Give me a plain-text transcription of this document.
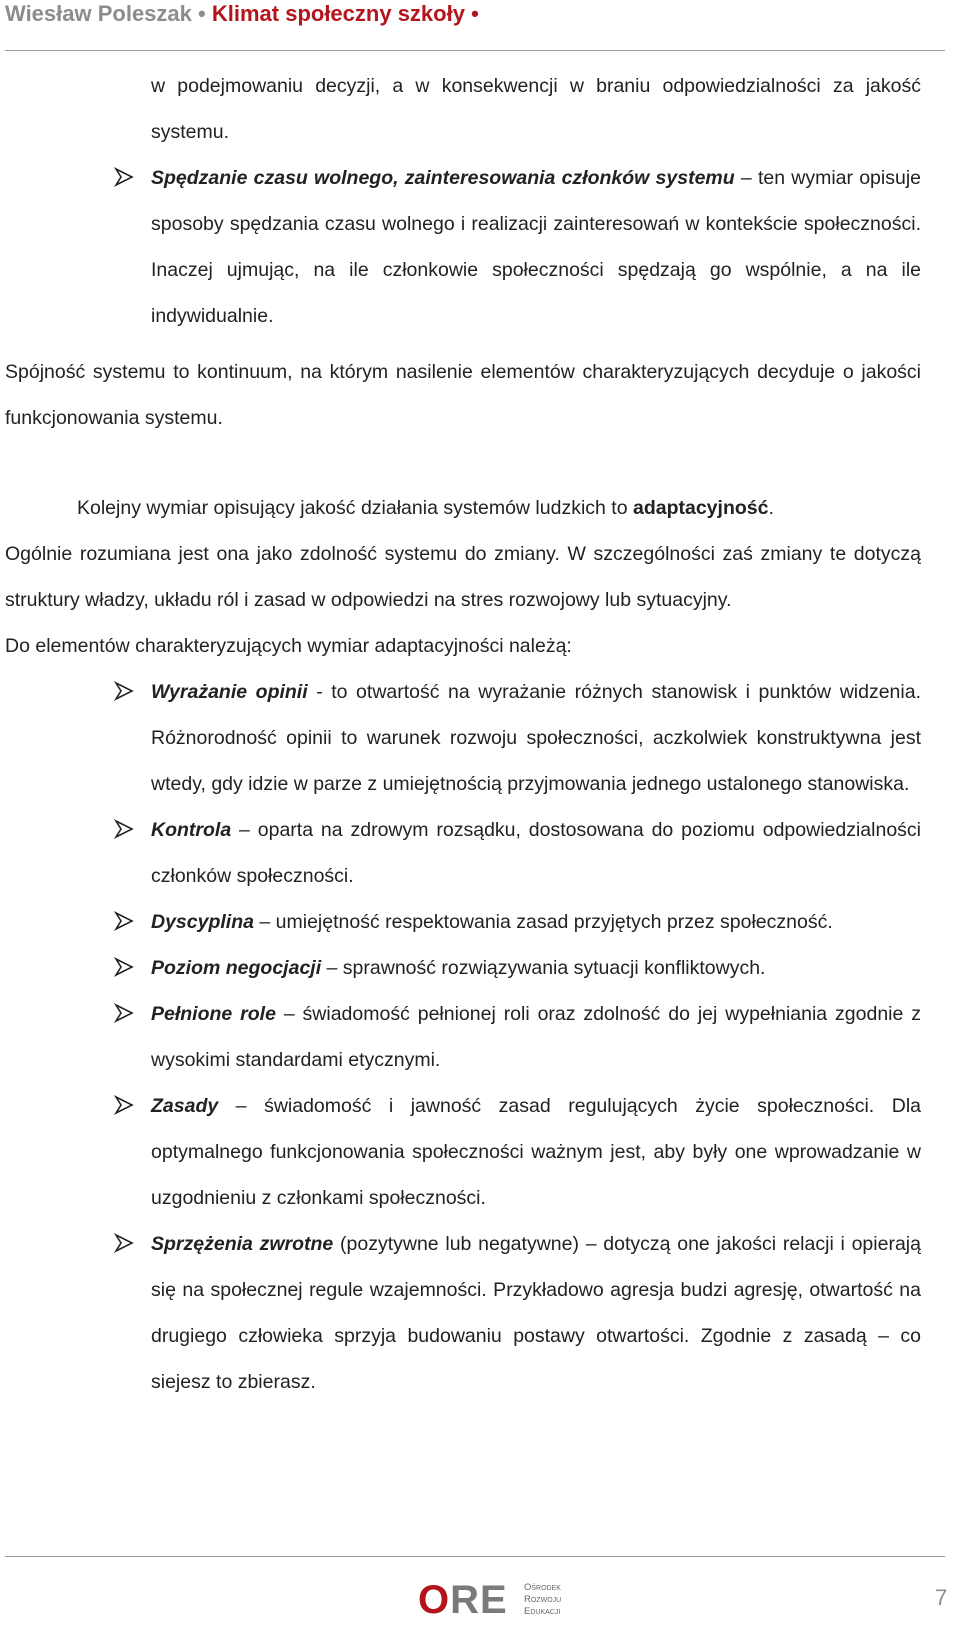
Wiesław Poleszak • Klimat społeczny szkoły •
w podejmowaniu decyzji, a w konsekwencji w braniu odpowiedzialności za jakość systemu.
Spędzanie czasu wolnego, zainteresowania członków systemu – ten wymiar opisuje sposoby spędzania czasu wolnego i realizacji zainteresowań w kontekście społeczności. Inaczej ujmując, na ile członkowie społeczności spędzają go wspólnie, a na ile indywidualnie.

Spójność systemu to kontinuum, na którym nasilenie elementów charakteryzujących decyduje o jakości funkcjonowania systemu.

Kolejny wymiar opisujący jakość działania systemów ludzkich to adaptacyjność.

Ogólnie rozumiana jest ona jako zdolność systemu do zmiany. W szczególności zaś zmiany te dotyczą struktury władzy, układu ról i zasad w odpowiedzi na stres rozwojowy lub sytuacyjny.

Do elementów charakteryzujących wymiar adaptacyjności należą:

Wyrażanie opinii - to otwartość na wyrażanie różnych stanowisk i punktów widzenia. Różnorodność opinii to warunek rozwoju społeczności, aczkolwiek konstruktywna jest wtedy, gdy idzie w parze z umiejętnością przyjmowania jednego ustalonego stanowiska.
Kontrola – oparta na zdrowym rozsądku, dostosowana do poziomu odpowiedzialności członków społeczności.
Dyscyplina – umiejętność respektowania zasad przyjętych przez społeczność.
Poziom negocjacji – sprawność rozwiązywania sytuacji konfliktowych.
Pełnione role – świadomość pełnionej roli oraz zdolność do jej wypełniania zgodnie z wysokimi standardami etycznymi.
Zasady – świadomość i jawność zasad regulujących życie społeczności. Dla optymalnego funkcjonowania społeczności ważnym jest, aby były one wprowadzanie w uzgodnieniu z członkami społeczności.
Sprzężenia zwrotne (pozytywne lub negatywne) – dotyczą one jakości relacji i opierają się na społecznej regule wzajemności. Przykładowo agresja budzi agresję, otwartość na drugiego człowieka sprzyja budowaniu postawy otwartości. Zgodnie z zasadą – co siejesz to zbierasz.
ORE Ośrodek
Rozwoju
Edukacji
7
